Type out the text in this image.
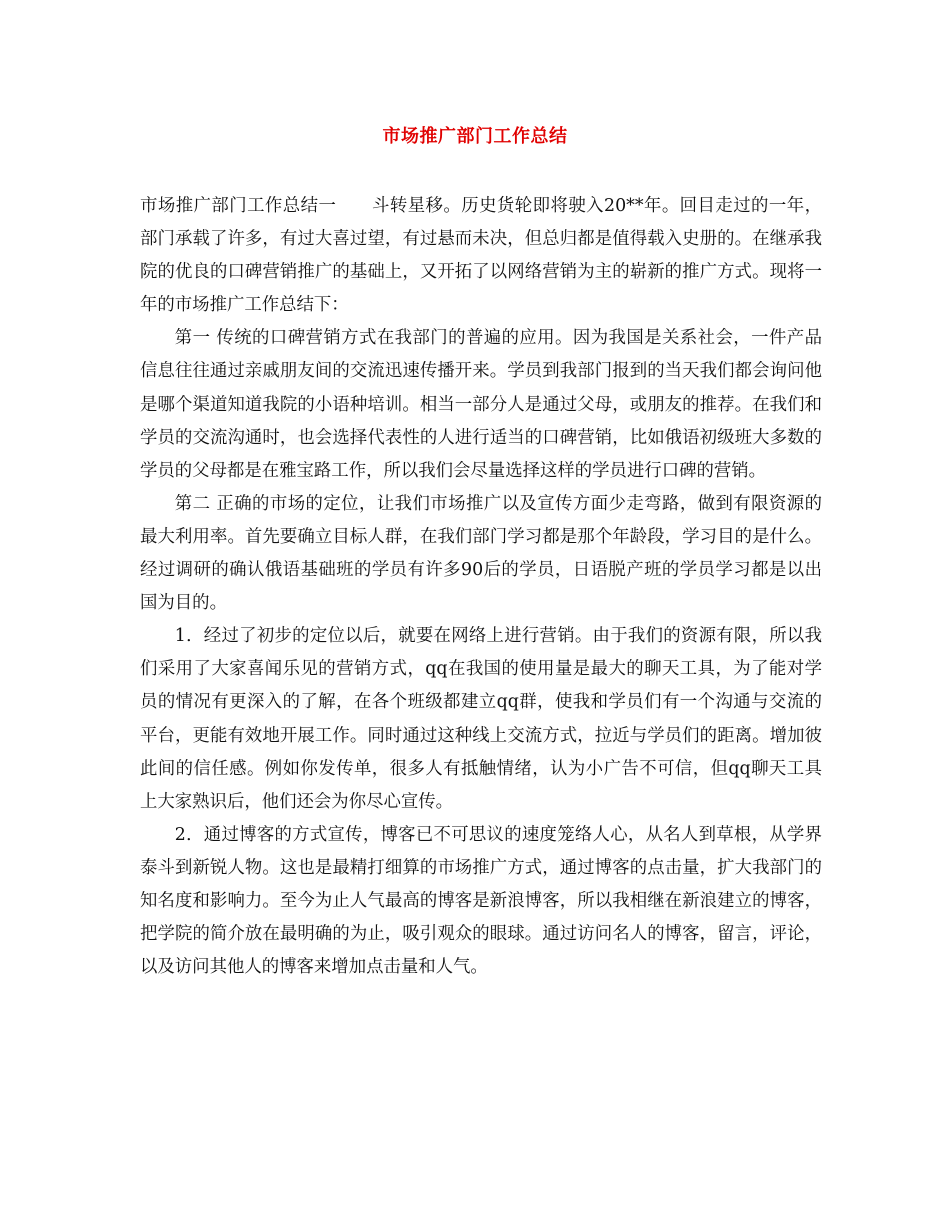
市场推广部门工作总结

市场推广部门工作总结一　　斗转星移。历史货轮即将驶入20**年。回目走过的一年，部门承载了许多，有过大喜过望，有过悬而未决，但总归都是值得载入史册的。在继承我院的优良的口碑营销推广的基础上，又开拓了以网络营销为主的崭新的推广方式。现将一年的市场推广工作总结下：

第一 传统的口碑营销方式在我部门的普遍的应用。因为我国是关系社会，一件产品信息往往通过亲戚朋友间的交流迅速传播开来。学员到我部门报到的当天我们都会询问他是哪个渠道知道我院的小语种培训。相当一部分人是通过父母，或朋友的推荐。在我们和学员的交流沟通时，也会选择代表性的人进行适当的口碑营销，比如俄语初级班大多数的学员的父母都是在雅宝路工作，所以我们会尽量选择这样的学员进行口碑的营销。

第二 正确的市场的定位，让我们市场推广以及宣传方面少走弯路，做到有限资源的最大利用率。首先要确立目标人群，在我们部门学习都是那个年龄段，学习目的是什么。经过调研的确认俄语基础班的学员有许多90后的学员，日语脱产班的学员学习都是以出国为目的。

1．经过了初步的定位以后，就要在网络上进行营销。由于我们的资源有限，所以我们采用了大家喜闻乐见的营销方式，qq在我国的使用量是最大的聊天工具，为了能对学员的情况有更深入的了解，在各个班级都建立qq群，使我和学员们有一个沟通与交流的平台，更能有效地开展工作。同时通过这种线上交流方式，拉近与学员们的距离。增加彼此间的信任感。例如你发传单，很多人有抵触情绪，认为小广告不可信，但qq聊天工具上大家熟识后，他们还会为你尽心宣传。

2．通过博客的方式宣传，博客已不可思议的速度笼络人心，从名人到草根，从学界泰斗到新锐人物。这也是最精打细算的市场推广方式，通过博客的点击量，扩大我部门的知名度和影响力。至今为止人气最高的博客是新浪博客，所以我相继在新浪建立的博客，把学院的简介放在最明确的为止，吸引观众的眼球。通过访问名人的博客，留言，评论，以及访问其他人的博客来增加点击量和人气。
